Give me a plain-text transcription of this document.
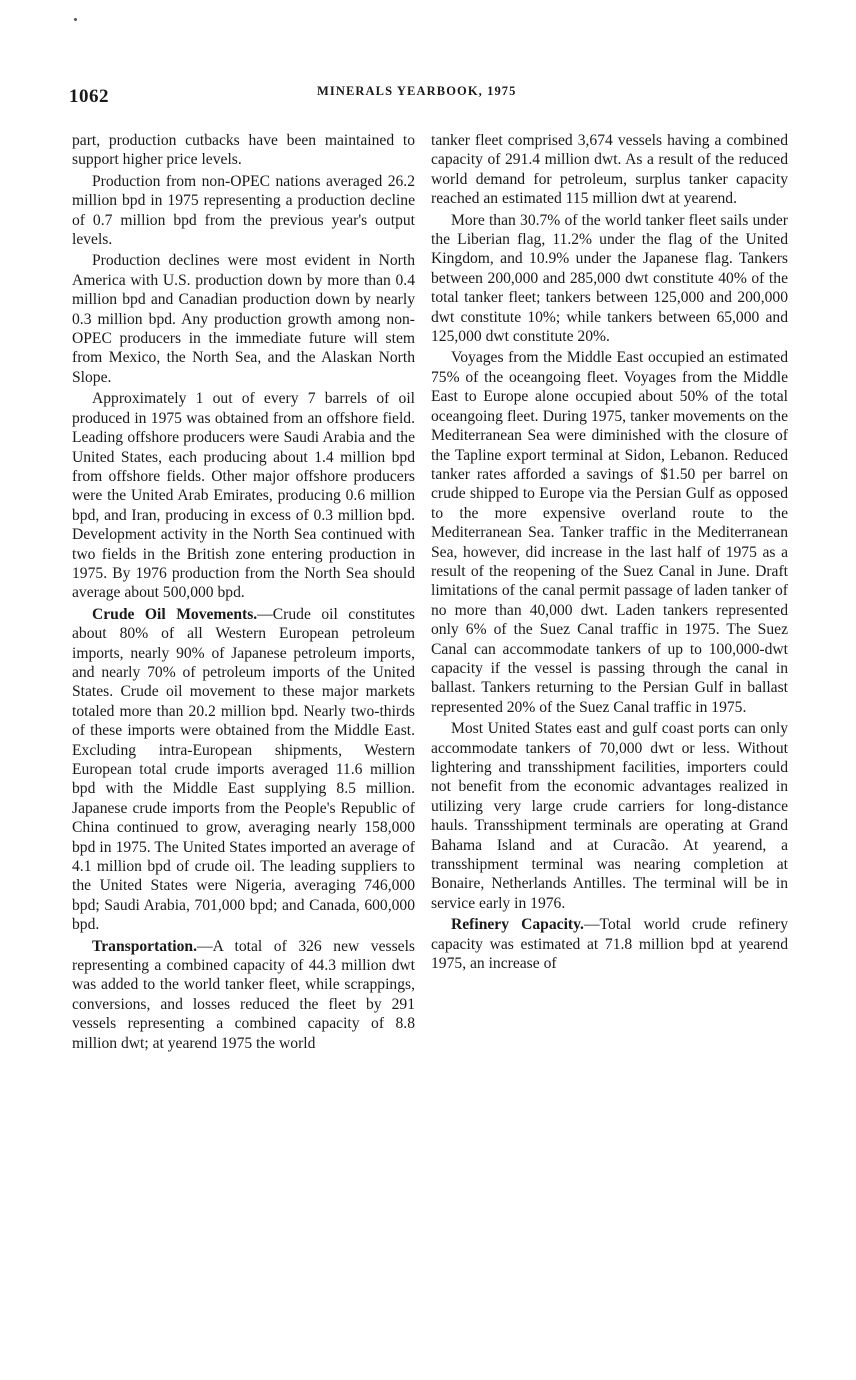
1062	MINERALS YEARBOOK, 1975

part, production cutbacks have been maintained to support higher price levels.

Production from non-OPEC nations averaged 26.2 million bpd in 1975 representing a production decline of 0.7 million bpd from the previous year's output levels.

Production declines were most evident in North America with U.S. production down by more than 0.4 million bpd and Canadian production down by nearly 0.3 million bpd. Any production growth among non-OPEC producers in the immediate future will stem from Mexico, the North Sea, and the Alaskan North Slope.

Approximately 1 out of every 7 barrels of oil produced in 1975 was obtained from an offshore field. Leading offshore producers were Saudi Arabia and the United States, each producing about 1.4 million bpd from offshore fields. Other major offshore producers were the United Arab Emirates, producing 0.6 million bpd, and Iran, producing in excess of 0.3 million bpd. Development activity in the North Sea continued with two fields in the British zone entering production in 1975. By 1976 production from the North Sea should average about 500,000 bpd.

Crude Oil Movements.—Crude oil constitutes about 80% of all Western European petroleum imports, nearly 90% of Japanese petroleum imports, and nearly 70% of petroleum imports of the United States. Crude oil movement to these major markets totaled more than 20.2 million bpd. Nearly two-thirds of these imports were obtained from the Middle East. Excluding intra-European shipments, Western European total crude imports averaged 11.6 million bpd with the Middle East supplying 8.5 million. Japanese crude imports from the People's Republic of China continued to grow, averaging nearly 158,000 bpd in 1975. The United States imported an average of 4.1 million bpd of crude oil. The leading suppliers to the United States were Nigeria, averaging 746,000 bpd; Saudi Arabia, 701,000 bpd; and Canada, 600,000 bpd.

Transportation.—A total of 326 new vessels representing a combined capacity of 44.3 million dwt was added to the world tanker fleet, while scrappings, conversions, and losses reduced the fleet by 291 vessels representing a combined capacity of 8.8 million dwt; at yearend 1975 the world

tanker fleet comprised 3,674 vessels having a combined capacity of 291.4 million dwt. As a result of the reduced world demand for petroleum, surplus tanker capacity reached an estimated 115 million dwt at yearend.

More than 30.7% of the world tanker fleet sails under the Liberian flag, 11.2% under the flag of the United Kingdom, and 10.9% under the Japanese flag. Tankers between 200,000 and 285,000 dwt constitute 40% of the total tanker fleet; tankers between 125,000 and 200,000 dwt constitute 10%; while tankers between 65,000 and 125,000 dwt constitute 20%.

Voyages from the Middle East occupied an estimated 75% of the oceangoing fleet. Voyages from the Middle East to Europe alone occupied about 50% of the total oceangoing fleet. During 1975, tanker movements on the Mediterranean Sea were diminished with the closure of the Tapline export terminal at Sidon, Lebanon. Reduced tanker rates afforded a savings of $1.50 per barrel on crude shipped to Europe via the Persian Gulf as opposed to the more expensive overland route to the Mediterranean Sea. Tanker traffic in the Mediterranean Sea, however, did increase in the last half of 1975 as a result of the reopening of the Suez Canal in June. Draft limitations of the canal permit passage of laden tanker of no more than 40,000 dwt. Laden tankers represented only 6% of the Suez Canal traffic in 1975. The Suez Canal can accommodate tankers of up to 100,000-dwt capacity if the vessel is passing through the canal in ballast. Tankers returning to the Persian Gulf in ballast represented 20% of the Suez Canal traffic in 1975.

Most United States east and gulf coast ports can only accommodate tankers of 70,000 dwt or less. Without lightering and transshipment facilities, importers could not benefit from the economic advantages realized in utilizing very large crude carriers for long-distance hauls. Transshipment terminals are operating at Grand Bahama Island and at Curacão. At yearend, a transshipment terminal was nearing completion at Bonaire, Netherlands Antilles. The terminal will be in service early in 1976.

Refinery Capacity.—Total world crude refinery capacity was estimated at 71.8 million bpd at yearend 1975, an increase of
